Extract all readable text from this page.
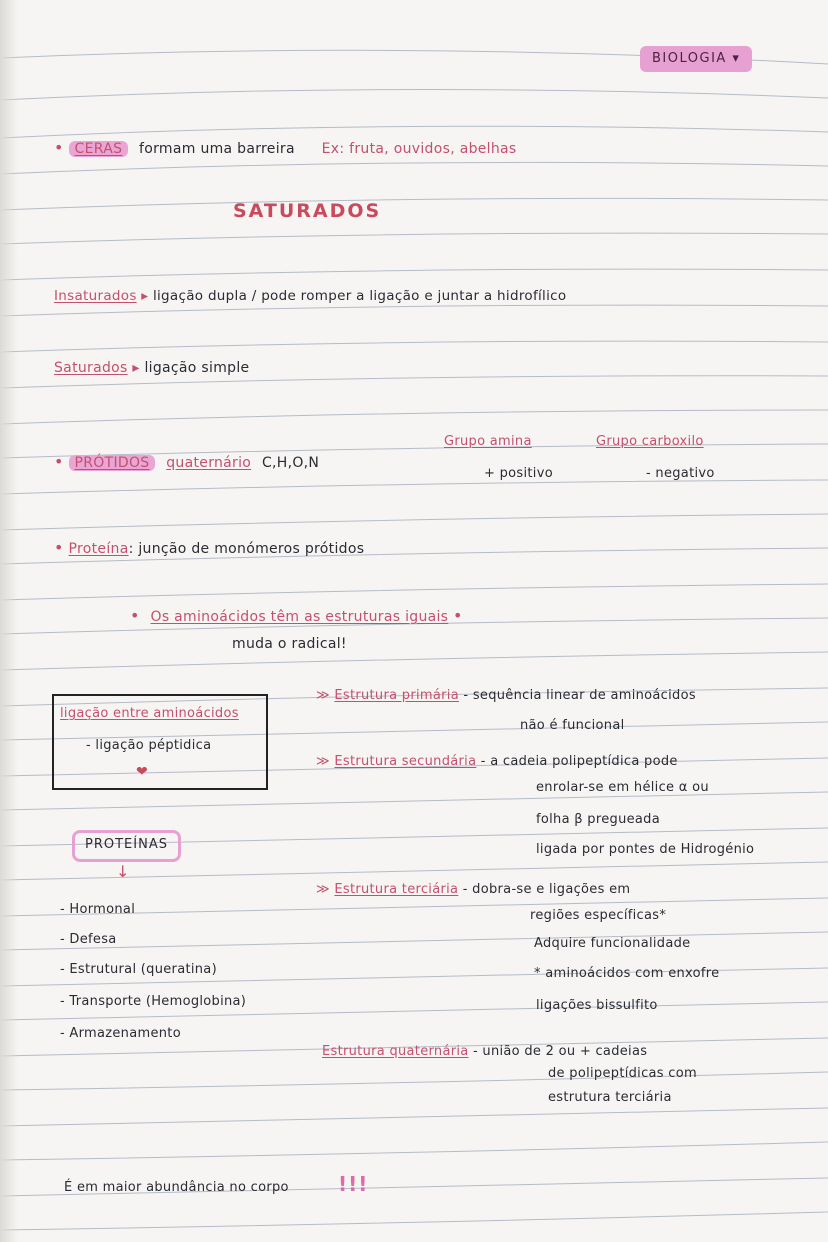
BIOLOGIA ▾
• CERAS formam uma barreira Ex: fruta, ouvidos, abelhas
SATURADOS
Insaturados ▸ ligação dupla / pode romper a ligação e juntar a hidrofílico
Saturados ▸ ligação simple
• PRÓTIDOS quaternário C,H,O,N
Grupo amina	Grupo carboxilo
+ positivo	- negativo
• Proteína: junção de monómeros prótidos
• Os aminoácidos têm as estruturas iguais •
muda o radical!
ligação entre aminoácidos
- ligação péptidica
❤
≫ Estrutura primária - sequência linear de aminoácidos
não é funcional
≫ Estrutura secundária - a cadeia polipeptídica pode
enrolar-se em hélice α ou
folha β pregueada
ligada por pontes de Hidrogénio
≫ Estrutura terciária - dobra-se e ligações em
regiões específicas*
Adquire funcionalidade
* aminoácidos com enxofre
ligações bissulfito
Estrutura quaternária - união de 2 ou + cadeias
de polipeptídicas com
estrutura terciária
PROTEÍNAS
↓
- Hormonal
- Defesa
- Estrutural (queratina)
- Transporte (Hemoglobina)
- Armazenamento
É em maior abundância no corpo !!!
